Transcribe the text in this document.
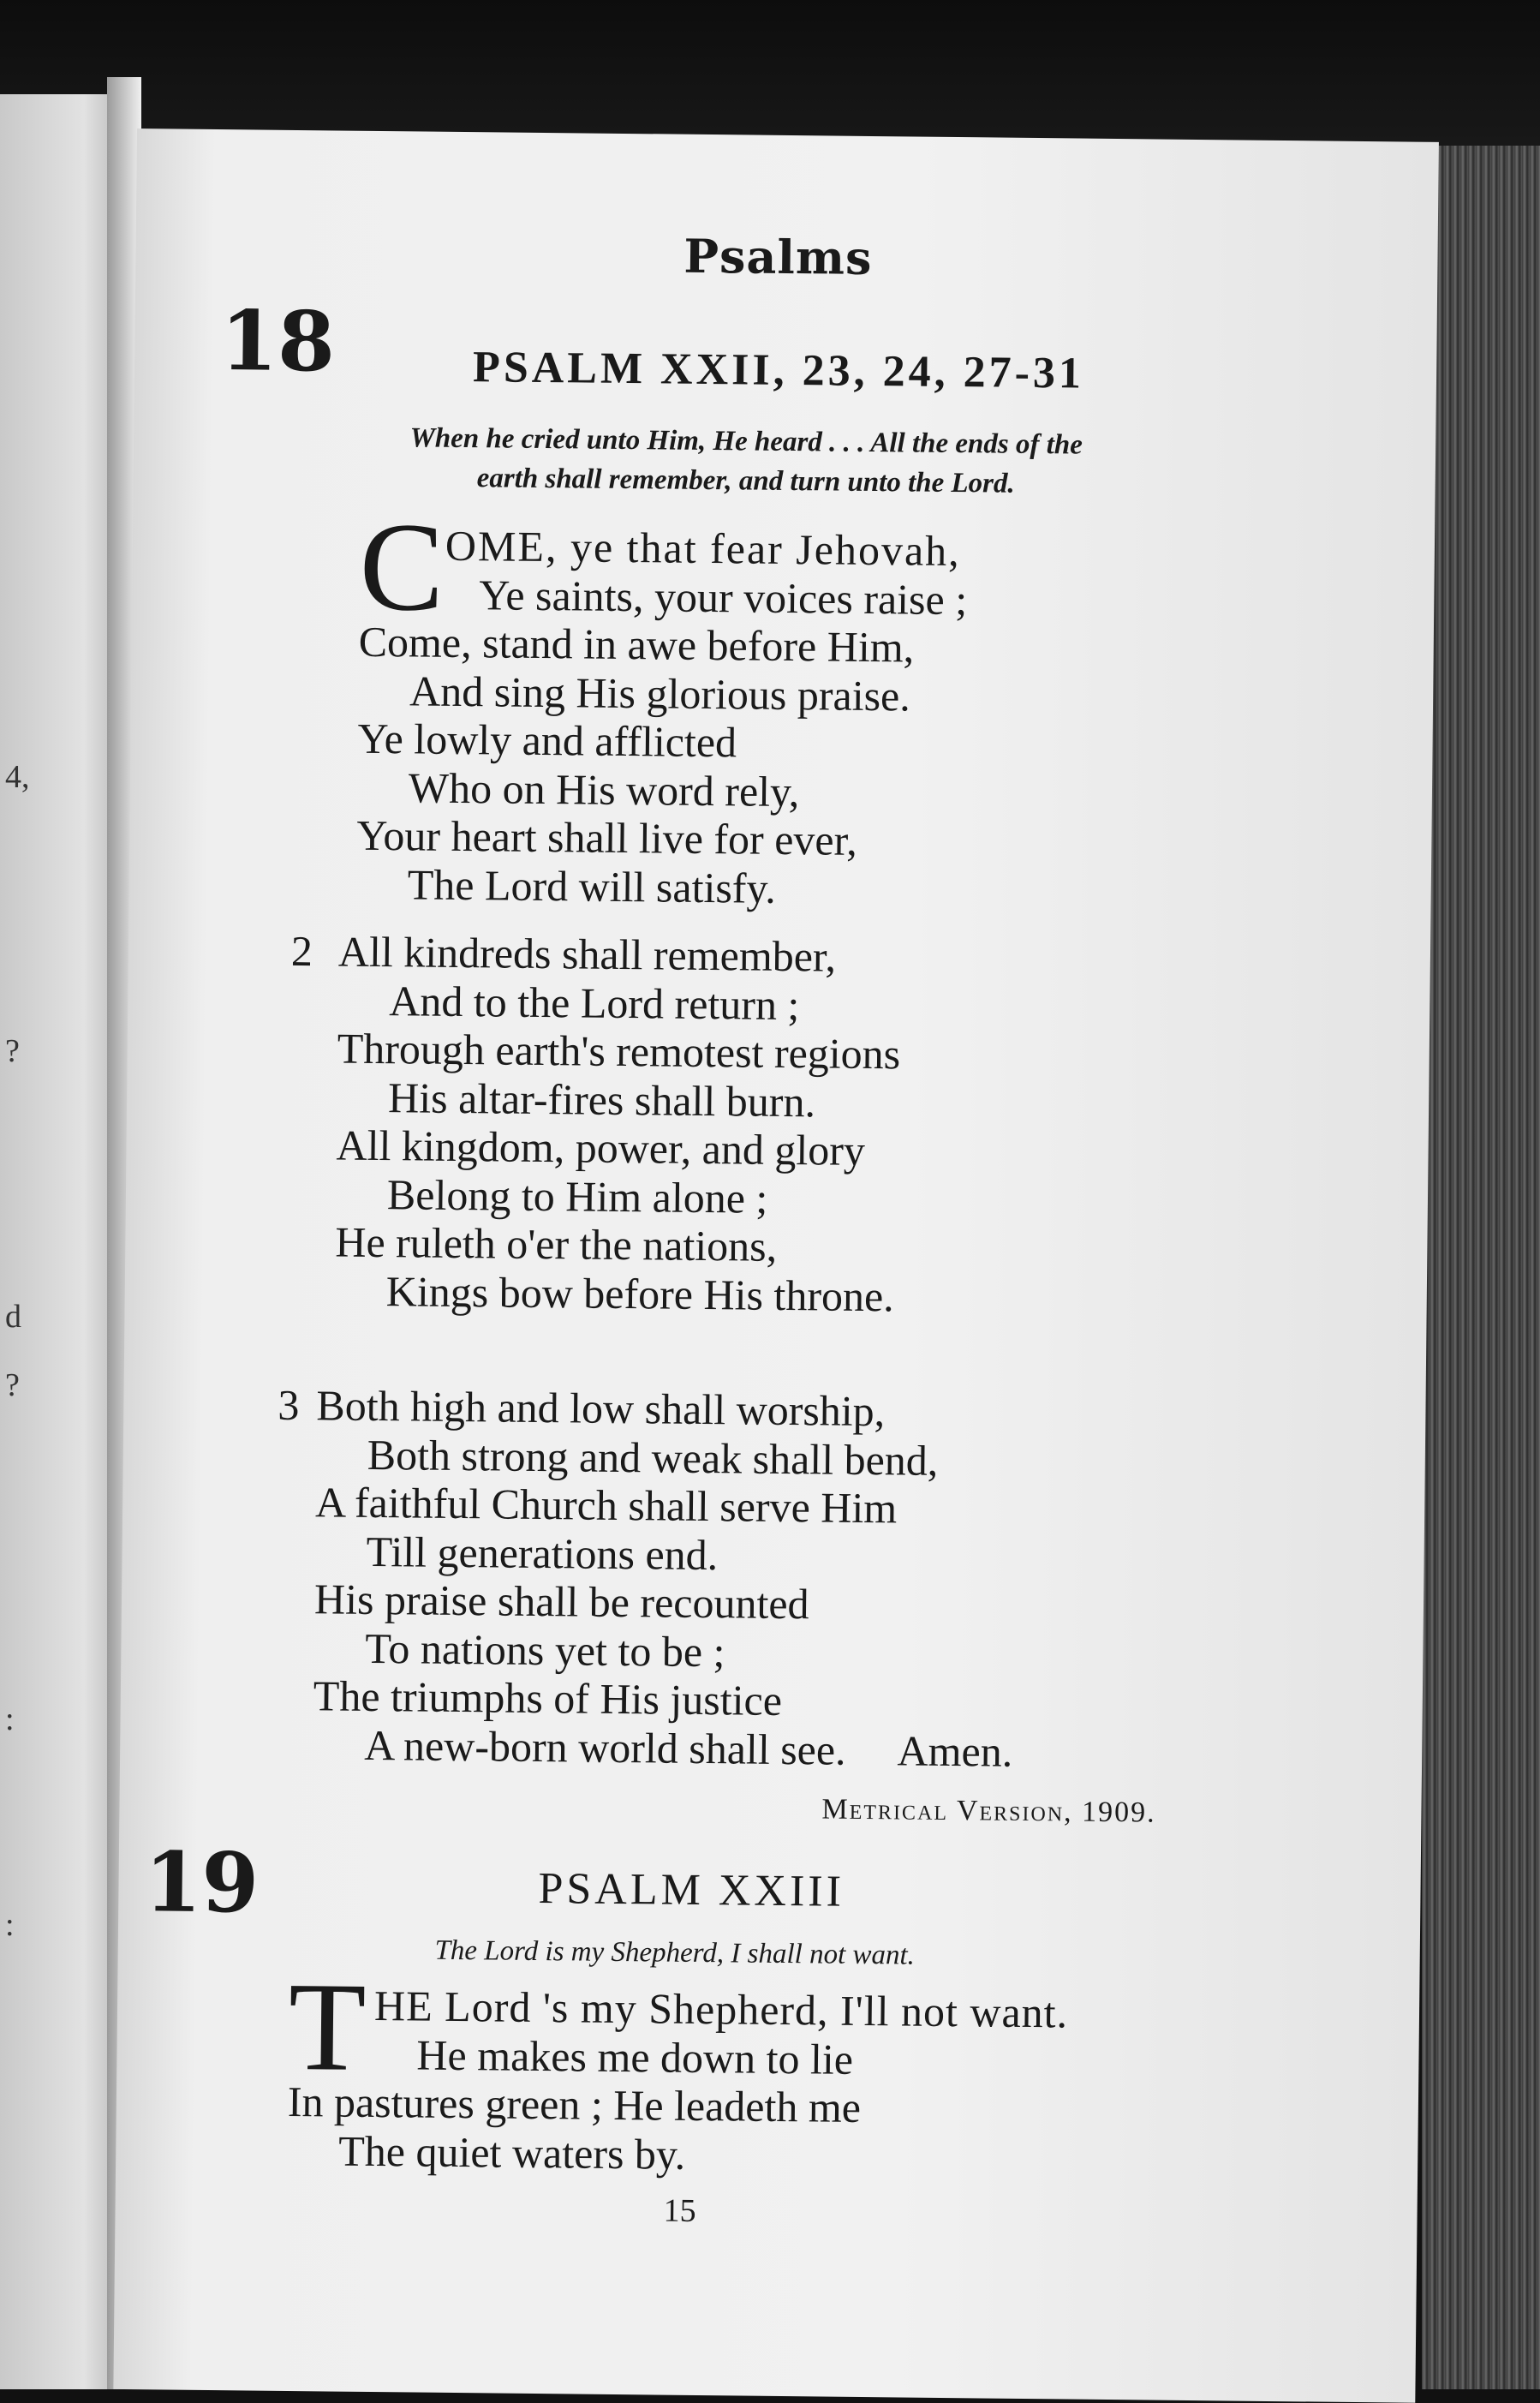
4,
?
d
?
:
:
Psalms
18	PSALM XXII, 23, 24, 27-31
When he cried unto Him, He heard . . . All the ends of the
earth shall remember, and turn unto the Lord.
C OME, ye that fear Jehovah,
Ye saints, your voices raise ;
Come, stand in awe before Him,
And sing His glorious praise.
Ye lowly and afflicted
Who on His word rely,
Your heart shall live for ever,
The Lord will satisfy.
2 All kindreds shall remember,
And to the Lord return ;
Through earth's remotest regions
His altar-fires shall burn.
All kingdom, power, and glory
Belong to Him alone ;
He ruleth o'er the nations,
Kings bow before His throne.
3 Both high and low shall worship,
Both strong and weak shall bend,
A faithful Church shall serve Him
Till generations end.
His praise shall be recounted
To nations yet to be ;
The triumphs of His justice
A new-born world shall see. Amen.
Metrical Version, 1909.
19	PSALM XXIII
The Lord is my Shepherd, I shall not want.
T HE Lord 's my Shepherd, I'll not want.
He makes me down to lie
In pastures green ; He leadeth me
The quiet waters by.
15
